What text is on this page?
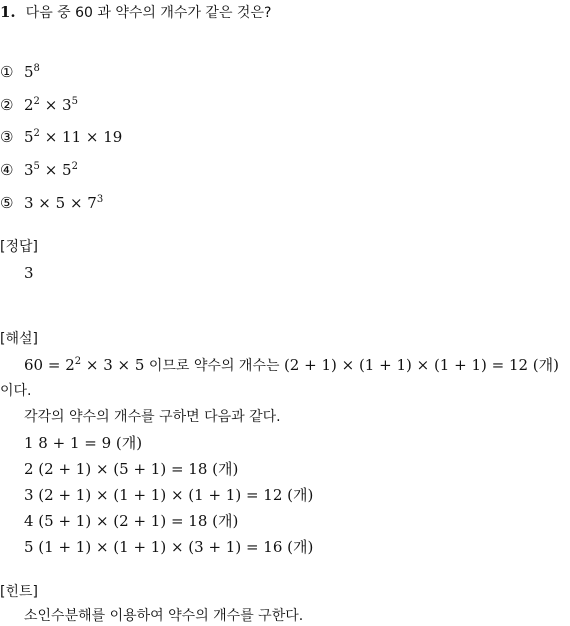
1. 다음 중 60 과 약수의 개수가 같은 것은?
① $5^8$
② $2^2 \times 3^5$
③ $5^2 \times 11 \times 19$
④ $3^5 \times 5^2$
⑤ $3 \times 5 \times 7^3$
[정답]
3
[해설]
$60 = 2^2 \times 3 \times 5$ 이므로 약수의 개수는 (2 + 1) × (1 + 1) × (1 + 1) = 12 (개)
이다.
각각의 약수의 개수를 구하면 다음과 같다.
1 8 + 1 = 9 (개)
2 (2 + 1) × (5 + 1) = 18 (개)
3 (2 + 1) × (1 + 1) × (1 + 1) = 12 (개)
4 (5 + 1) × (2 + 1) = 18 (개)
5 (1 + 1) × (1 + 1) × (3 + 1) = 16 (개)
[힌트]
소인수분해를 이용하여 약수의 개수를 구한다.
